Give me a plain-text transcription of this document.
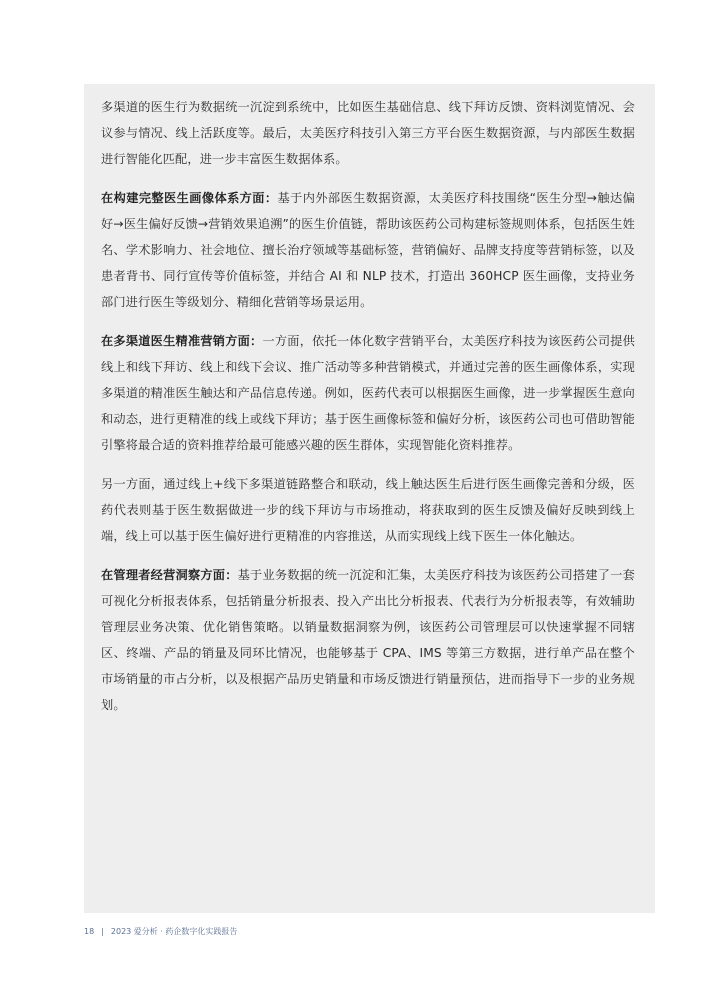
多渠道的医生行为数据统一沉淀到系统中，比如医生基础信息、线下拜访反馈、资料浏览情况、会议参与情况、线上活跃度等。最后，太美医疗科技引入第三方平台医生数据资源，与内部医生数据进行智能化匹配，进一步丰富医生数据体系。

在构建完整医生画像体系方面：基于内外部医生数据资源，太美医疗科技围绕“医生分型→触达偏好→医生偏好反馈→营销效果追溯”的医生价值链，帮助该医药公司构建标签规则体系，包括医生姓名、学术影响力、社会地位、擅长治疗领域等基础标签，营销偏好、品牌支持度等营销标签，以及患者背书、同行宣传等价值标签，并结合 AI 和 NLP 技术，打造出 360HCP 医生画像，支持业务部门进行医生等级划分、精细化营销等场景运用。

在多渠道医生精准营销方面：一方面，依托一体化数字营销平台，太美医疗科技为该医药公司提供线上和线下拜访、线上和线下会议、推广活动等多种营销模式，并通过完善的医生画像体系，实现多渠道的精准医生触达和产品信息传递。例如，医药代表可以根据医生画像，进一步掌握医生意向和动态，进行更精准的线上或线下拜访；基于医生画像标签和偏好分析，该医药公司也可借助智能引擎将最合适的资料推荐给最可能感兴趣的医生群体，实现智能化资料推荐。

另一方面，通过线上+线下多渠道链路整合和联动，线上触达医生后进行医生画像完善和分级，医药代表则基于医生数据做进一步的线下拜访与市场推动，将获取到的医生反馈及偏好反映到线上端，线上可以基于医生偏好进行更精准的内容推送，从而实现线上线下医生一体化触达。

在管理者经营洞察方面：基于业务数据的统一沉淀和汇集，太美医疗科技为该医药公司搭建了一套可视化分析报表体系，包括销量分析报表、投入产出比分析报表、代表行为分析报表等，有效辅助管理层业务决策、优化销售策略。以销量数据洞察为例，该医药公司管理层可以快速掌握不同辖区、终端、产品的销量及同环比情况，也能够基于 CPA、IMS 等第三方数据，进行单产品在整个市场销量的市占分析，以及根据产品历史销量和市场反馈进行销量预估，进而指导下一步的业务规划。

18 | 2023 爱分析 · 药企数字化实践报告
